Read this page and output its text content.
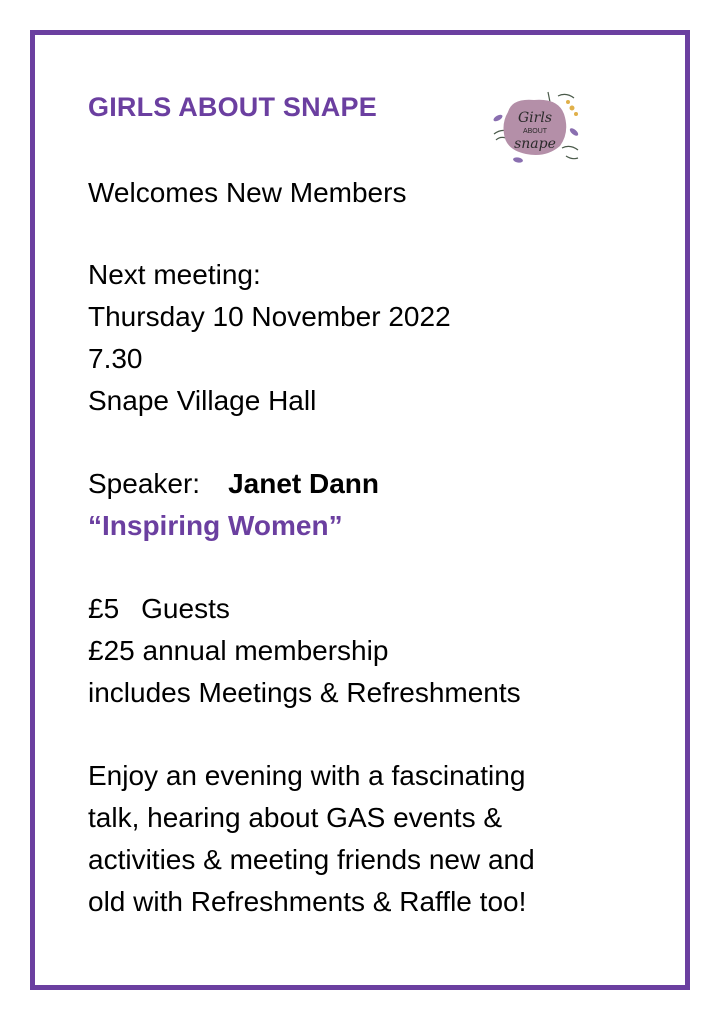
GIRLS ABOUT SNAPE	Girls
ABOUT
snape
Welcomes New Members
Next meeting:
Thursday 10 November 2022
7.30
Snape Village Hall
Speaker: Janet Dann
“Inspiring Women”
£5 Guests
£25 annual membership
includes Meetings & Refreshments
Enjoy an evening with a fascinating
talk, hearing about GAS events &
activities & meeting friends new and
old with Refreshments & Raffle too!
